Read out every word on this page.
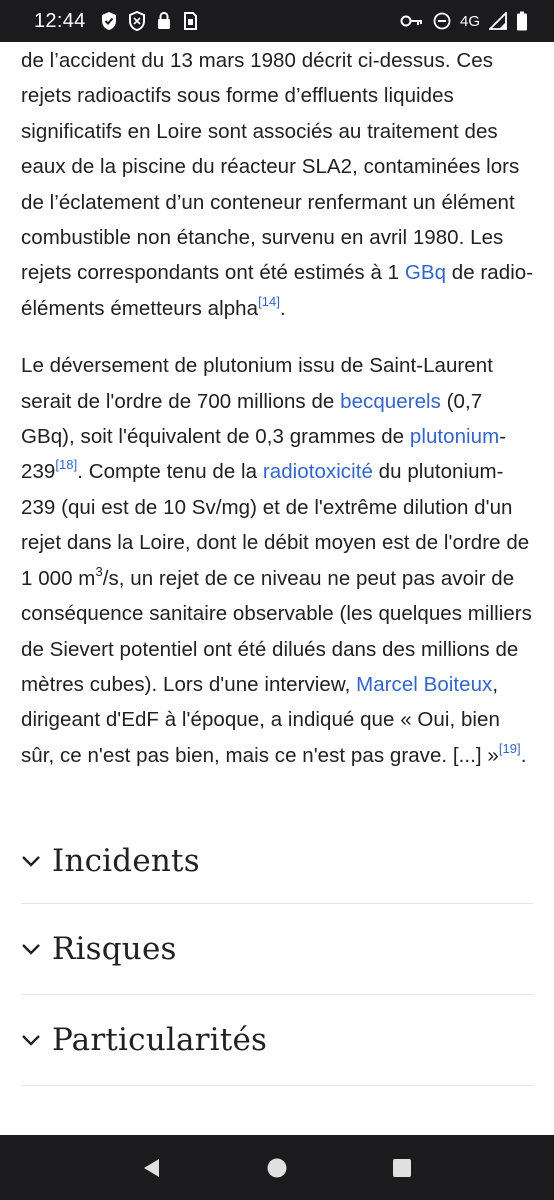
12:44	4G

de l’accident du 13 mars 1980 décrit ci-dessus. Ces rejets radioactifs sous forme d’effluents liquides significatifs en Loire sont associés au traitement des eaux de la piscine du réacteur SLA2, contaminées lors de l’éclatement d’un conteneur renfermant un élément combustible non étanche, survenu en avril 1980. Les rejets correspondants ont été estimés à 1 GBq de radio-éléments émetteurs alpha[14].

Le déversement de plutonium issu de Saint-Laurent serait de l'ordre de 700 millions de becquerels (0,7 GBq), soit l'équivalent de 0,3 grammes de plutonium-239[18]. Compte tenu de la radiotoxicité du plutonium-239 (qui est de 10 Sv/mg) et de l'extrême dilution d'un rejet dans la Loire, dont le débit moyen est de l'ordre de 1 000 $m^3/s$, un rejet de ce niveau ne peut pas avoir de conséquence sanitaire observable (les quelques milliers de Sievert potentiel ont été dilués dans des millions de mètres cubes). Lors d'une interview, Marcel Boiteux, dirigeant d'EdF à l'époque, a indiqué que « Oui, bien sûr, ce n'est pas bien, mais ce n'est pas grave. [...] »[19].

Incidents
Risques
Particularités
